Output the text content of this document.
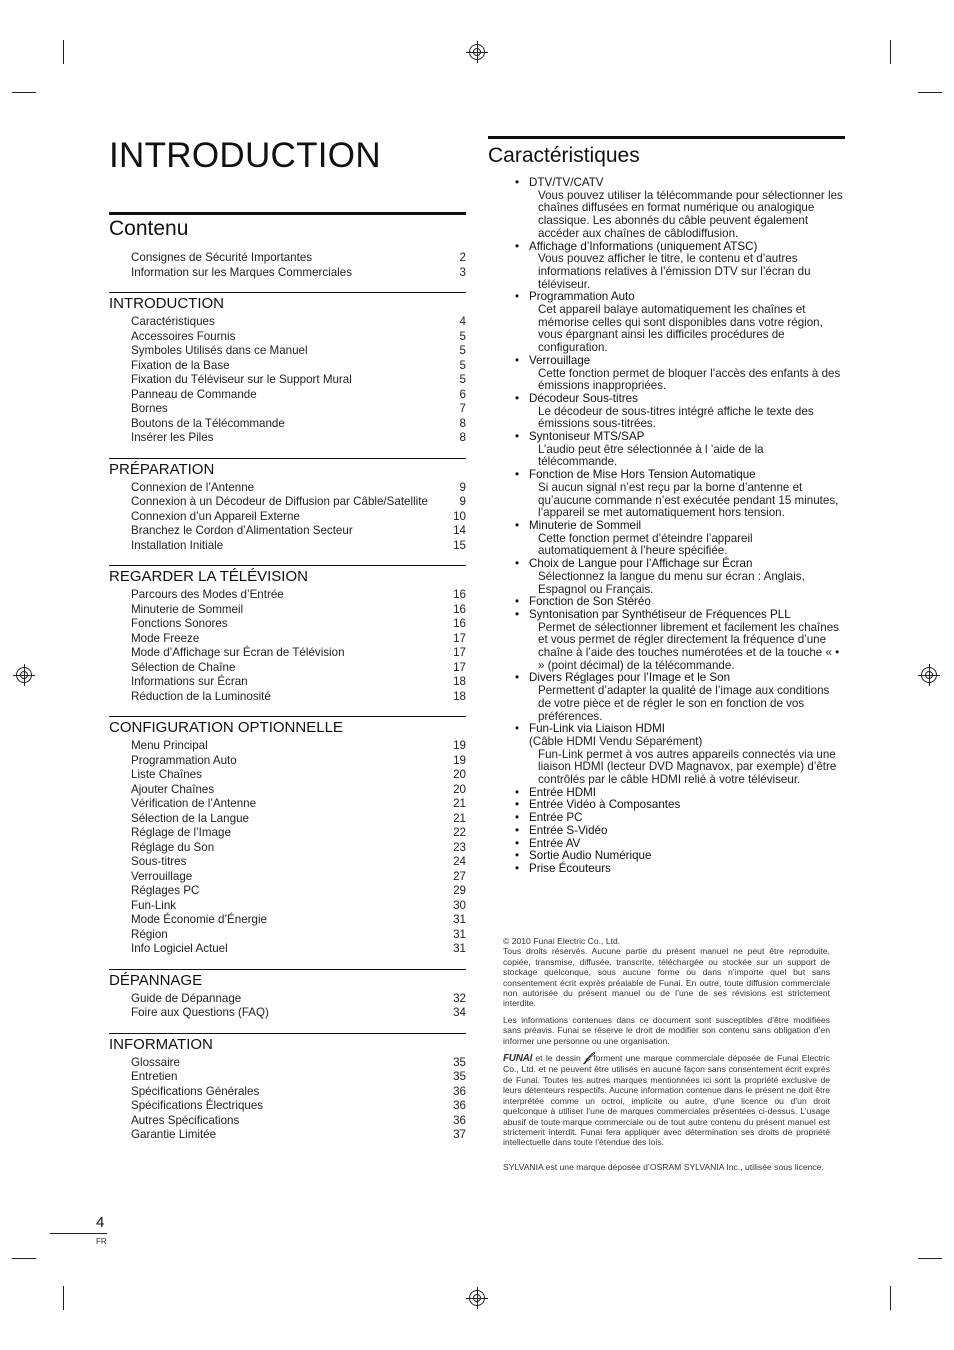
INTRODUCTION
Contenu
Consignes de Sécurité Importantes	2
Information sur les Marques Commerciales	3
INTRODUCTION
Caractéristiques	4
Accessoires Fournis	5
Symboles Utilisés dans ce Manuel	5
Fixation de la Base	5
Fixation du Téléviseur sur le Support Mural	5
Panneau de Commande	6
Bornes	7
Boutons de la Télécommande	8
Insérer les Piles	8
PRÉPARATION
Connexion de l’Antenne	9
Connexion à un Décodeur de Diffusion par Câble/Satellite	9
Connexion d’un Appareil Externe	10
Branchez le Cordon d’Alimentation Secteur	14
Installation Initiale	15
REGARDER LA TÉLÉVISION
Parcours des Modes d’Entrée	16
Minuterie de Sommeil	16
Fonctions Sonores	16
Mode Freeze	17
Mode d’Affichage sur Écran de Télévision	17
Sélection de Chaîne	17
Informations sur Écran	18
Réduction de la Luminosité	18
CONFIGURATION OPTIONNELLE
Menu Principal	19
Programmation Auto	19
Liste Chaînes	20
Ajouter Chaînes	20
Vérification de l’Antenne	21
Sélection de la Langue	21
Réglage de l’Image	22
Réglage du Son	23
Sous-titres	24
Verrouillage	27
Réglages PC	29
Fun-Link	30
Mode Économie d’Énergie	31
Région	31
Info Logiciel Actuel	31
DÉPANNAGE
Guide de Dépannage	32
Foire aux Questions (FAQ)	34
INFORMATION
Glossaire	35
Entretien	35
Spécifications Générales	36
Spécifications Électriques	36
Autres Spécifications	36
Garantie Limitée	37
Caractéristiques
• DTV/TV/CATV
Vous pouvez utiliser la télécommande pour sélectionner les chaînes diffusées en format numérique ou analogique classique. Les abonnés du câble peuvent également accéder aux chaînes de câblodiffusion.
• Affichage d’Informations (uniquement ATSC)
Vous pouvez afficher le titre, le contenu et d’autres informations relatives à l’émission DTV sur l’écran du téléviseur.
• Programmation Auto
Cet appareil balaye automatiquement les chaînes et mémorise celles qui sont disponibles dans votre région, vous épargnant ainsi les difficiles procédures de configuration.
• Verrouillage
Cette fonction permet de bloquer l’accès des enfants à des émissions inappropriées.
• Décodeur Sous-titres
Le décodeur de sous-titres intégré affiche le texte des émissions sous-titrées.
• Syntoniseur MTS/SAP
L’audio peut être sélectionnée à l ’aide de la télécommande.
• Fonction de Mise Hors Tension Automatique
Si aucun signal n’est reçu par la borne d’antenne et qu’aucune commande n’est exécutée pendant 15 minutes, l’appareil se met automatiquement hors tension.
• Minuterie de Sommeil
Cette fonction permet d’éteindre l’appareil automatiquement à l’heure spécifiée.
• Choix de Langue pour l’Affichage sur Écran
Sélectionnez la langue du menu sur écran : Anglais, Espagnol ou Français.
• Fonction de Son Stéréo
• Syntonisation par Synthétiseur de Fréquences PLL
Permet de sélectionner librement et facilement les chaînes et vous permet de régler directement la fréquence d’une chaîne à l’aide des touches numérotées et de la touche « • » (point décimal) de la télécommande.
• Divers Réglages pour l’Image et le Son
Permettent d’adapter la qualité de l’image aux conditions de votre pièce et de régler le son en fonction de vos préférences.
• Fun-Link via Liaison HDMI
(Câble HDMI Vendu Séparément)
Fun-Link permet à vos autres appareils connectés via une liaison HDMI (lecteur DVD Magnavox, par exemple) d’être contrôlés par le câble HDMI relié à votre téléviseur.
• Entrée HDMI
• Entrée Vidéo à Composantes
• Entrée PC
• Entrée S-Vidéo
• Entrée AV
• Sortie Audio Numérique
• Prise Écouteurs

© 2010 Funai Electric Co., Ltd.
Tous droits réservés. Aucune partie du présent manuel ne peut être reproduite, copiée, transmise, diffusée, transcrite, téléchargée ou stockée sur un support de stockage quelconque, sous aucune forme ou dans n’importe quel but sans consentement écrit exprès préalable de Funai. En outre, toute diffusion commerciale non autorisée du présent manuel ou de l’une de ses révisions est strictement interdite.

Les informations contenues dans ce document sont susceptibles d’être modifiées sans préavis. Funai se réserve le droit de modifier son contenu sans obligation d’en informer une personne ou une organisation.

FUNAI et le dessin 𝒻 forment une marque commerciale déposée de Funai Electric Co., Ltd. et ne peuvent être utilisés en aucune façon sans consentement écrit exprès de Funai. Toutes les autres marques mentionnées ici sont la propriété exclusive de leurs détenteurs respectifs. Aucune information contenue dans le présent ne doit être interprétée comme un octroi, implicite ou autre, d’une licence ou d’un droit quelconque à utiliser l’une de marques commerciales présentées ci-dessus. L’usage abusif de toute marque commerciale ou de tout autre contenu du présent manuel est strictement interdit. Funai fera appliquer avec détermination ses droits de propriété intellectuelle dans toute l’étendue des lois.

SYLVANIA est une marque déposée d’OSRAM SYLVANIA Inc., utilisée sous licence.

4
FR
